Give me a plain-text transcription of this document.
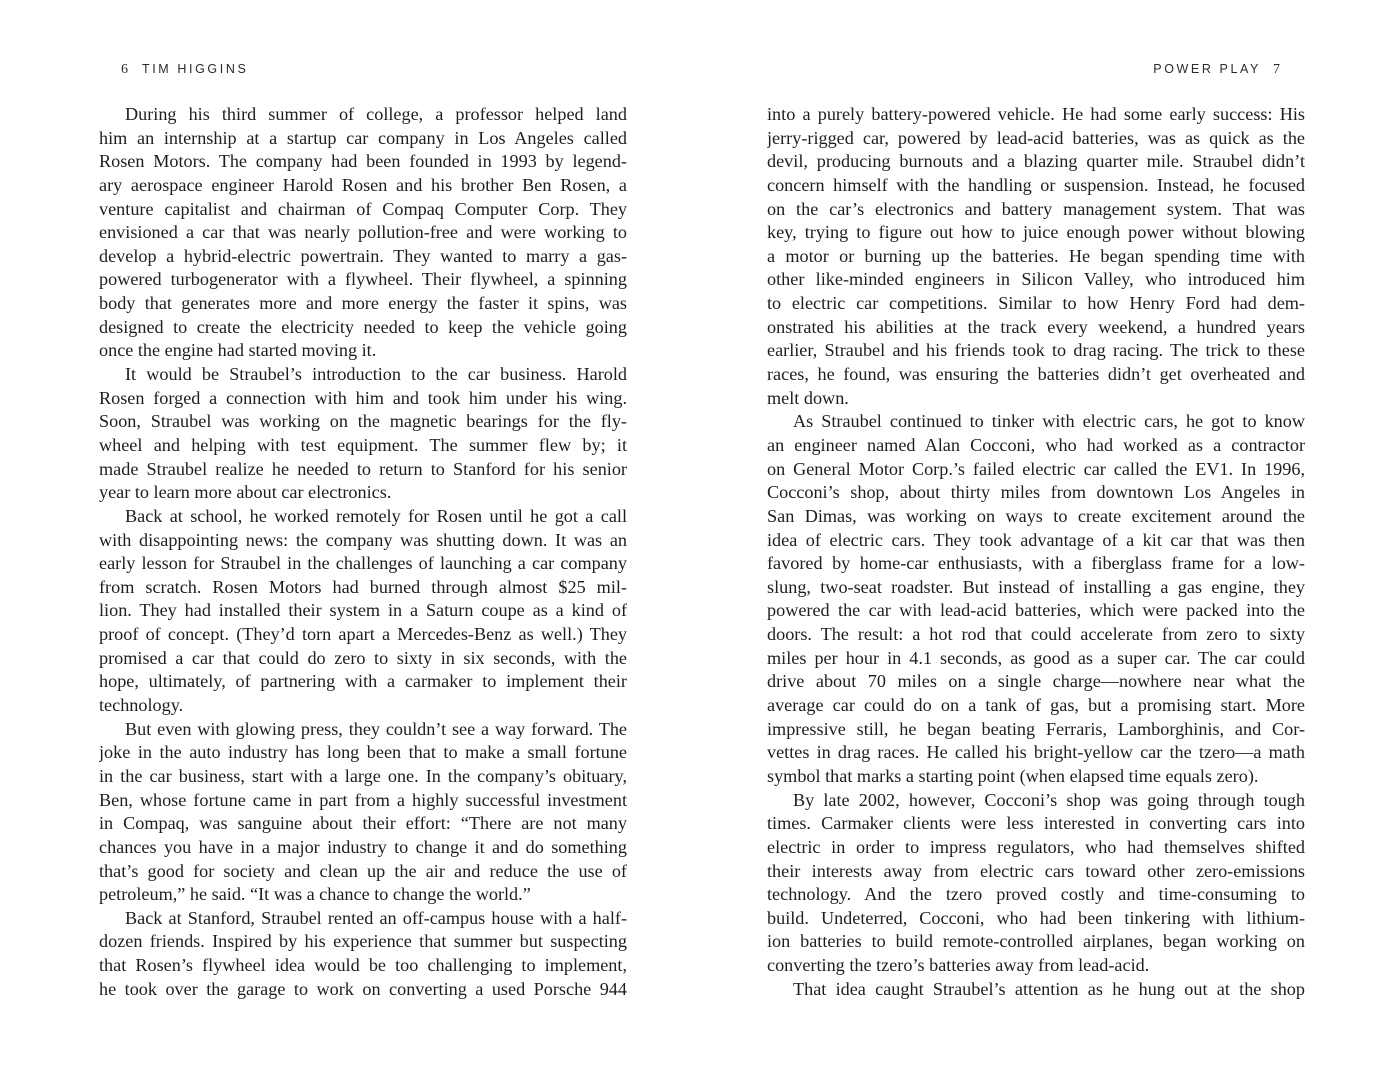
6 TIM HIGGINS
During his third summer of college, a professor helped land
him an internship at a startup car company in Los Angeles called
Rosen Motors. The company had been founded in 1993 by legend-
ary aerospace engineer Harold Rosen and his brother Ben Rosen, a
venture capitalist and chairman of Compaq Computer Corp. They
envisioned a car that was nearly pollution-free and were working to
develop a hybrid-electric powertrain. They wanted to marry a gas-
powered turbogenerator with a flywheel. Their flywheel, a spinning
body that generates more and more energy the faster it spins, was
designed to create the electricity needed to keep the vehicle going
once the engine had started moving it.
It would be Straubel’s introduction to the car business. Harold
Rosen forged a connection with him and took him under his wing.
Soon, Straubel was working on the magnetic bearings for the fly-
wheel and helping with test equipment. The summer flew by; it
made Straubel realize he needed to return to Stanford for his senior
year to learn more about car electronics.
Back at school, he worked remotely for Rosen until he got a call
with disappointing news: the company was shutting down. It was an
early lesson for Straubel in the challenges of launching a car company
from scratch. Rosen Motors had burned through almost $25 mil-
lion. They had installed their system in a Saturn coupe as a kind of
proof of concept. (They’d torn apart a Mercedes-Benz as well.) They
promised a car that could do zero to sixty in six seconds, with the
hope, ultimately, of partnering with a carmaker to implement their
technology.
But even with glowing press, they couldn’t see a way forward. The
joke in the auto industry has long been that to make a small fortune
in the car business, start with a large one. In the company’s obituary,
Ben, whose fortune came in part from a highly successful investment
in Compaq, was sanguine about their effort: “There are not many
chances you have in a major industry to change it and do something
that’s good for society and clean up the air and reduce the use of
petroleum,” he said. “It was a chance to change the world.”
Back at Stanford, Straubel rented an off-campus house with a half-
dozen friends. Inspired by his experience that summer but suspecting
that Rosen’s flywheel idea would be too challenging to implement,
he took over the garage to work on converting a used Porsche 944
POWER PLAY 7
into a purely battery-powered vehicle. He had some early success: His
jerry-rigged car, powered by lead-acid batteries, was as quick as the
devil, producing burnouts and a blazing quarter mile. Straubel didn’t
concern himself with the handling or suspension. Instead, he focused
on the car’s electronics and battery management system. That was
key, trying to figure out how to juice enough power without blowing
a motor or burning up the batteries. He began spending time with
other like-minded engineers in Silicon Valley, who introduced him
to electric car competitions. Similar to how Henry Ford had dem-
onstrated his abilities at the track every weekend, a hundred years
earlier, Straubel and his friends took to drag racing. The trick to these
races, he found, was ensuring the batteries didn’t get overheated and
melt down.
As Straubel continued to tinker with electric cars, he got to know
an engineer named Alan Cocconi, who had worked as a contractor
on General Motor Corp.’s failed electric car called the EV1. In 1996,
Cocconi’s shop, about thirty miles from downtown Los Angeles in
San Dimas, was working on ways to create excitement around the
idea of electric cars. They took advantage of a kit car that was then
favored by home-car enthusiasts, with a fiberglass frame for a low-
slung, two-seat roadster. But instead of installing a gas engine, they
powered the car with lead-acid batteries, which were packed into the
doors. The result: a hot rod that could accelerate from zero to sixty
miles per hour in 4.1 seconds, as good as a super car. The car could
drive about 70 miles on a single charge—nowhere near what the
average car could do on a tank of gas, but a promising start. More
impressive still, he began beating Ferraris, Lamborghinis, and Cor-
vettes in drag races. He called his bright-yellow car the tzero—a math
symbol that marks a starting point (when elapsed time equals zero).
By late 2002, however, Cocconi’s shop was going through tough
times. Carmaker clients were less interested in converting cars into
electric in order to impress regulators, who had themselves shifted
their interests away from electric cars toward other zero-emissions
technology. And the tzero proved costly and time-consuming to
build. Undeterred, Cocconi, who had been tinkering with lithium-
ion batteries to build remote-controlled airplanes, began working on
converting the tzero’s batteries away from lead-acid.
That idea caught Straubel’s attention as he hung out at the shop
